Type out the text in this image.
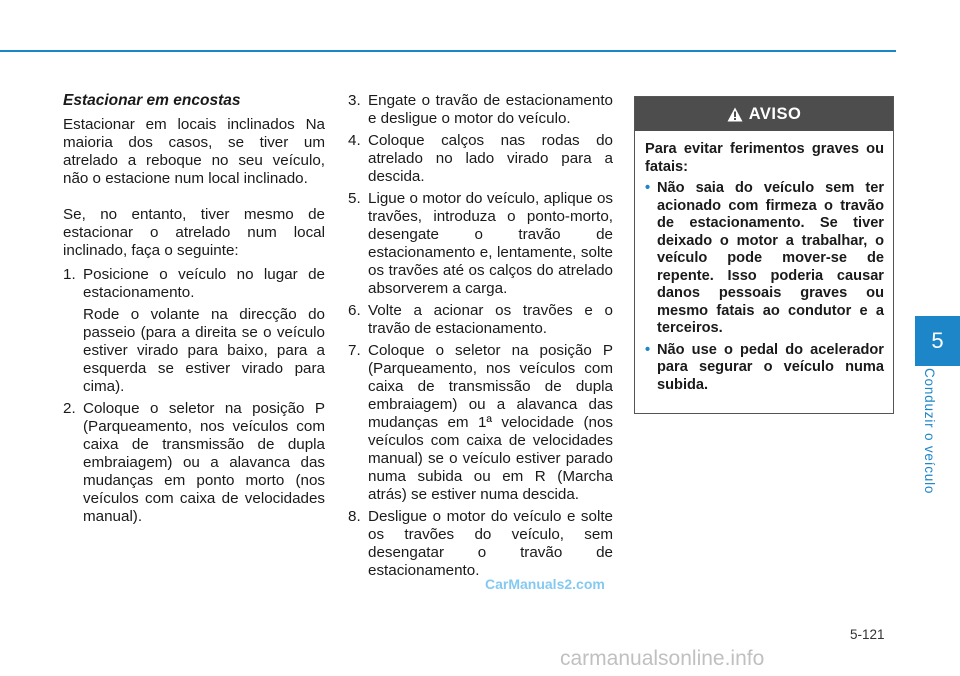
Estacionar em encostas

Estacionar em locais inclinados Na maioria dos casos, se tiver um atrelado a reboque no seu veículo, não o estacione num local inclinado.

Se, no entanto, tiver mesmo de estacionar o atrelado num local inclinado, faça o seguinte:

1. Posicione o veículo no lugar de estacionamento.

Rode o volante na direcção do passeio (para a direita se o veículo estiver virado para baixo, para a esquerda se estiver virado para cima).

2. Coloque o seletor na posição P (Parqueamento, nos veículos com caixa de transmissão de dupla embraiagem) ou a alavanca das mudanças em ponto morto (nos veículos com caixa de velocidades manual).

3. Engate o travão de estacionamento e desligue o motor do veículo.

4. Coloque calços nas rodas do atrelado no lado virado para a descida.

5. Ligue o motor do veículo, aplique os travões, introduza o ponto-morto, desengate o travão de estacionamento e, lentamente, solte os travões até os calços do atrelado absorverem a carga.

6. Volte a acionar os travões e o travão de estacionamento.

7. Coloque o seletor na posição P (Parqueamento, nos veículos com caixa de transmissão de dupla embraiagem) ou a alavanca das mudanças em 1ª velocidade (nos veículos com caixa de velocidades manual) se o veículo estiver parado numa subida ou em R (Marcha atrás) se estiver numa descida.

8. Desligue o motor do veículo e solte os travões do veículo, sem desengatar o travão de estacionamento.

AVISO
Para evitar ferimentos graves ou fatais:
• Não saia do veículo sem ter acionado com firmeza o travão de estacionamento. Se tiver deixado o motor a trabalhar, o veículo pode mover-se de repente. Isso poderia causar danos pessoais graves ou mesmo fatais ao condutor e a terceiros.
• Não use o pedal do acelerador para segurar o veículo numa subida.
5
Conduzir o veículo
5-121
CarManuals2.com
carmanualsonline.info
